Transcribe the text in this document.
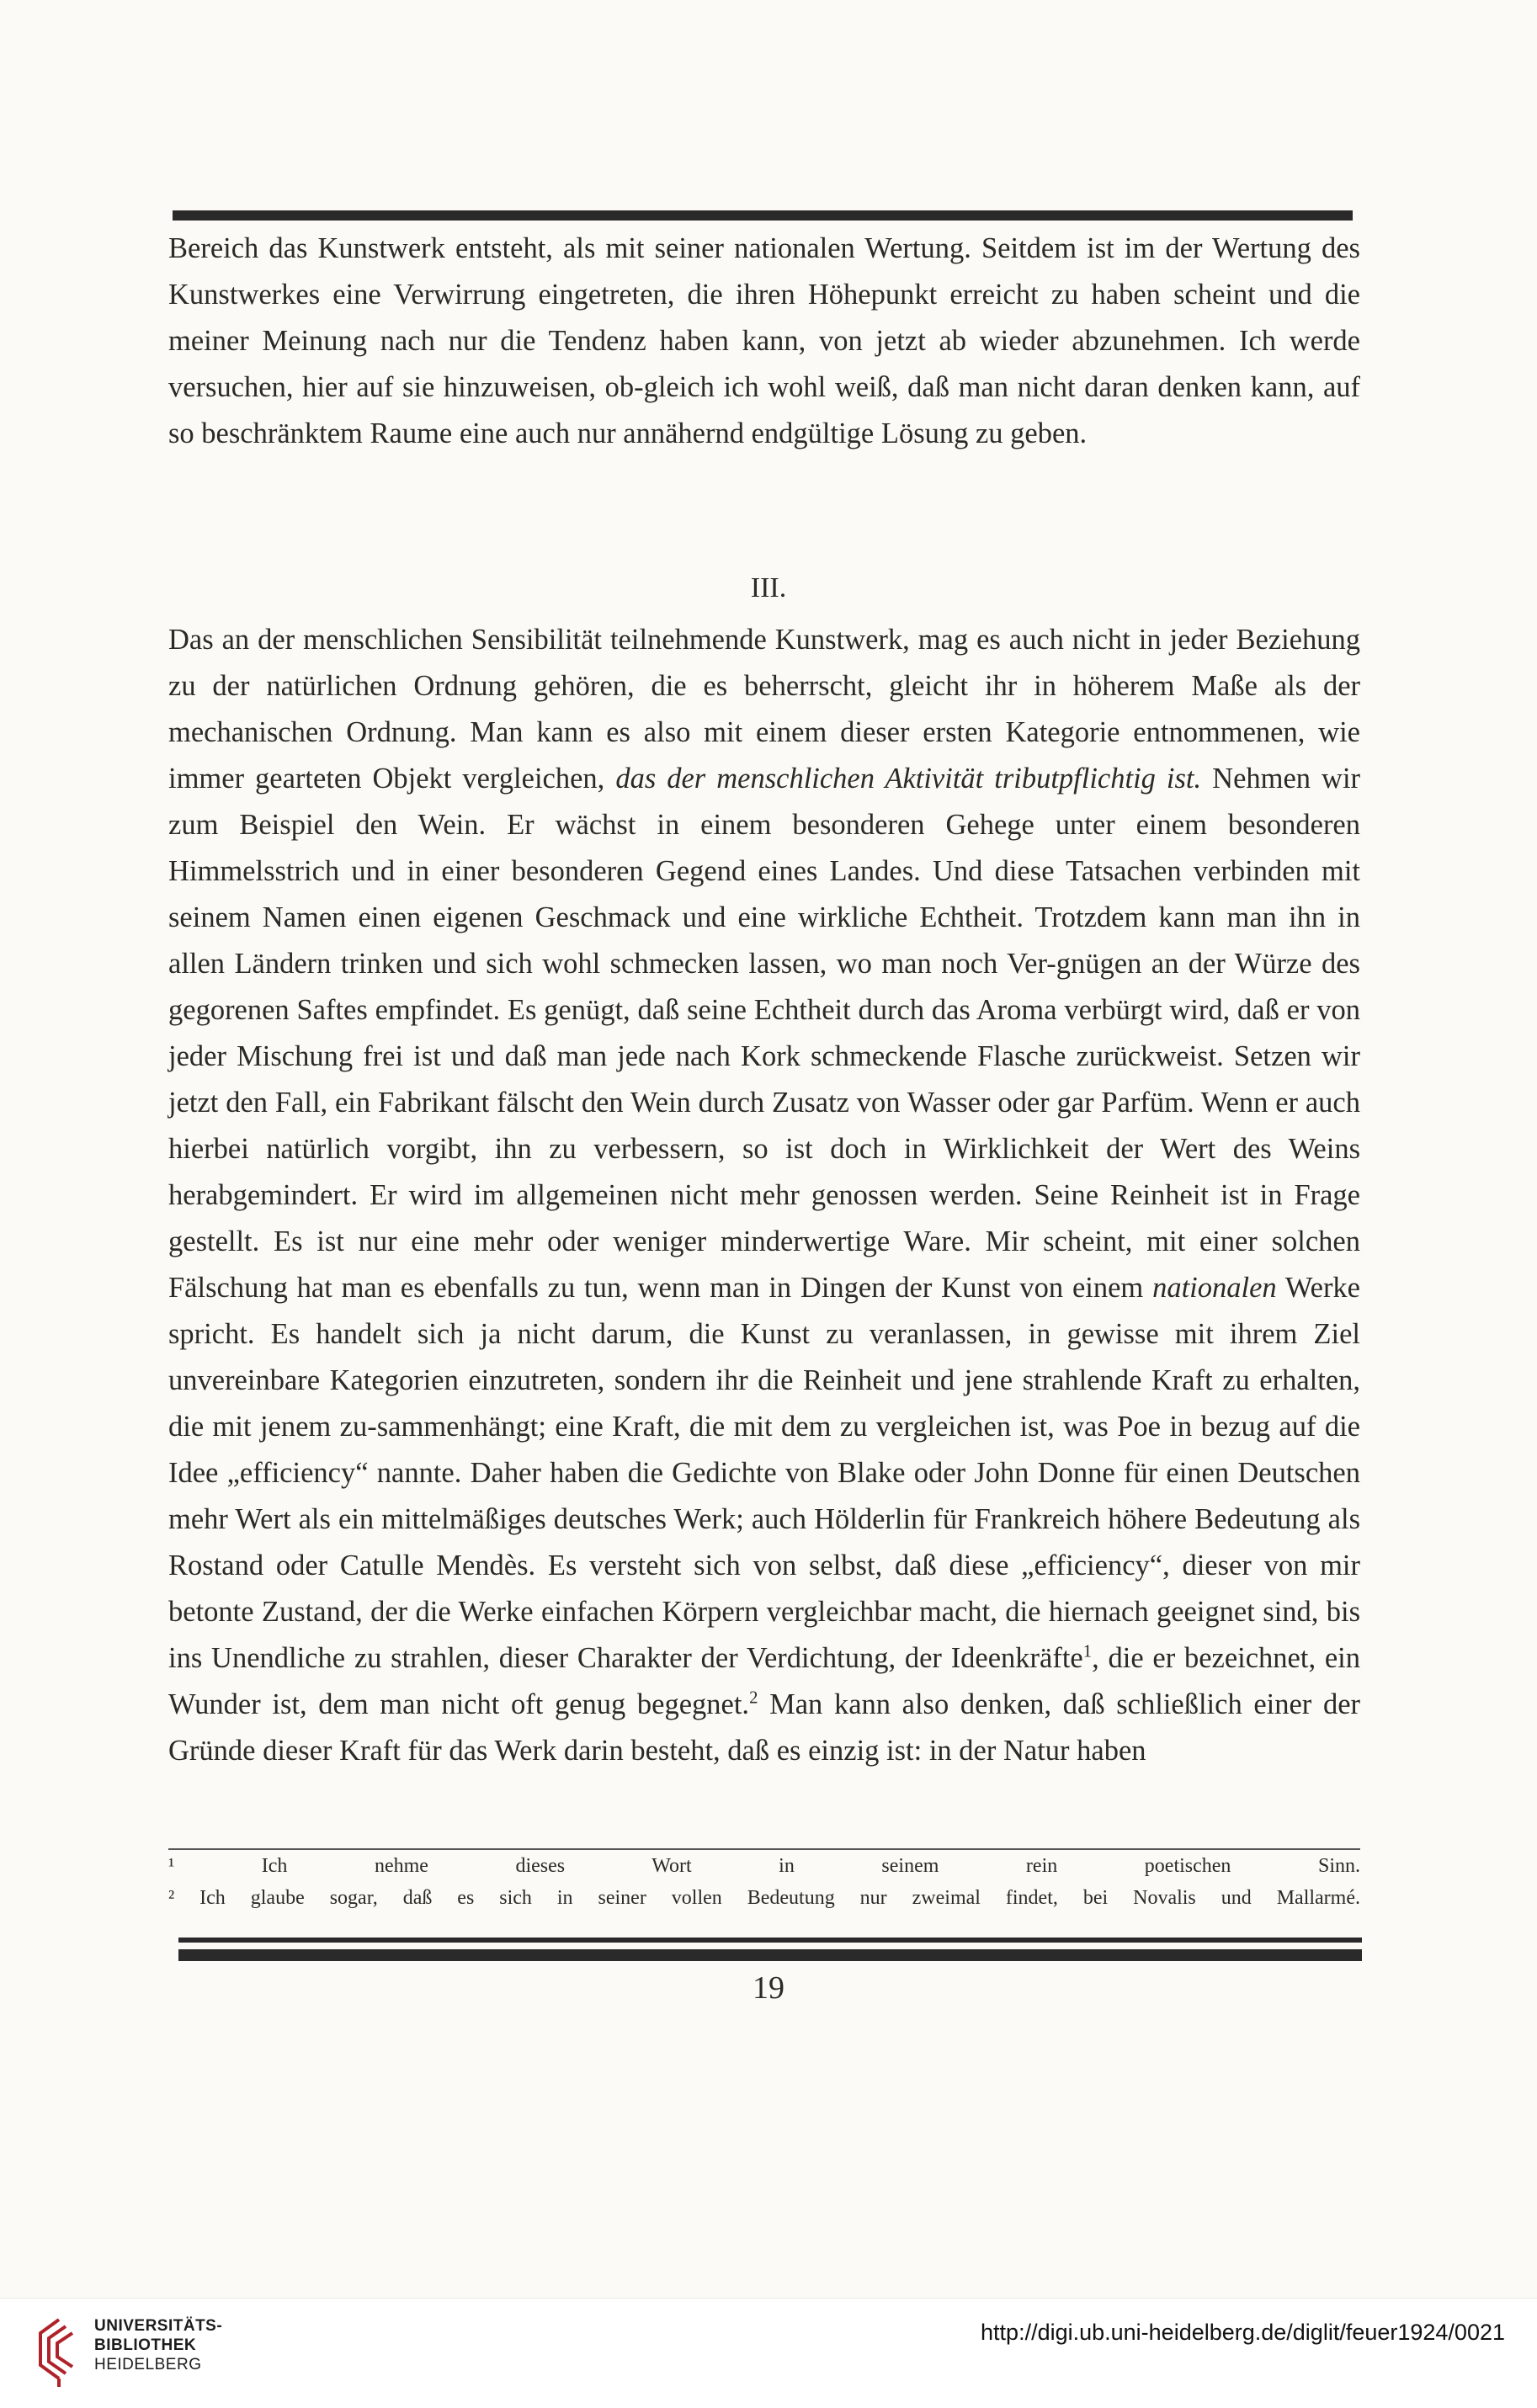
Bereich das Kunstwerk entsteht, als mit seiner nationalen Wertung. Seitdem ist im der Wertung des Kunstwerkes eine Verwirrung eingetreten, die ihren Höhepunkt erreicht zu haben scheint und die meiner Meinung nach nur die Tendenz haben kann, von jetzt ab wieder abzunehmen. Ich werde versuchen, hier auf sie hinzuweisen, ob-gleich ich wohl weiß, daß man nicht daran denken kann, auf so beschränktem Raume eine auch nur annähernd endgültige Lösung zu geben.

III.

Das an der menschlichen Sensibilität teilnehmende Kunstwerk, mag es auch nicht in jeder Beziehung zu der natürlichen Ordnung gehören, die es beherrscht, gleicht ihr in höherem Maße als der mechanischen Ordnung. Man kann es also mit einem dieser ersten Kategorie entnommenen, wie immer gearteten Objekt vergleichen, das der menschlichen Aktivität tributpflichtig ist. Nehmen wir zum Beispiel den Wein. Er wächst in einem besonderen Gehege unter einem besonderen Himmelsstrich und in einer besonderen Gegend eines Landes. Und diese Tatsachen verbinden mit seinem Namen einen eigenen Geschmack und eine wirkliche Echtheit. Trotzdem kann man ihn in allen Ländern trinken und sich wohl schmecken lassen, wo man noch Ver-gnügen an der Würze des gegorenen Saftes empfindet. Es genügt, daß seine Echtheit durch das Aroma verbürgt wird, daß er von jeder Mischung frei ist und daß man jede nach Kork schmeckende Flasche zurückweist. Setzen wir jetzt den Fall, ein Fabrikant fälscht den Wein durch Zusatz von Wasser oder gar Parfüm. Wenn er auch hierbei natürlich vorgibt, ihn zu verbessern, so ist doch in Wirklichkeit der Wert des Weins herabgemindert. Er wird im allgemeinen nicht mehr genossen werden. Seine Reinheit ist in Frage gestellt. Es ist nur eine mehr oder weniger minderwertige Ware. Mir scheint, mit einer solchen Fälschung hat man es ebenfalls zu tun, wenn man in Dingen der Kunst von einem nationalen Werke spricht. Es handelt sich ja nicht darum, die Kunst zu veranlassen, in gewisse mit ihrem Ziel unvereinbare Kategorien einzutreten, sondern ihr die Reinheit und jene strahlende Kraft zu erhalten, die mit jenem zu-sammenhängt; eine Kraft, die mit dem zu vergleichen ist, was Poe in bezug auf die Idee „efficiency“ nannte. Daher haben die Gedichte von Blake oder John Donne für einen Deutschen mehr Wert als ein mittelmäßiges deutsches Werk; auch Hölderlin für Frankreich höhere Bedeutung als Rostand oder Catulle Mendès. Es versteht sich von selbst, daß diese „efficiency“, dieser von mir betonte Zustand, der die Werke einfachen Körpern vergleichbar macht, die hiernach geeignet sind, bis ins Unendliche zu strahlen, dieser Charakter der Verdichtung, der Ideenkräfte$^1$, die er bezeichnet, ein Wunder ist, dem man nicht oft genug begegnet.$^2$ Man kann also denken, daß schließlich einer der Gründe dieser Kraft für das Werk darin besteht, daß es einzig ist: in der Natur haben

¹ Ich nehme dieses Wort in seinem rein poetischen Sinn.

² Ich glaube sogar, daß es sich in seiner vollen Bedeutung nur zweimal findet, bei Novalis und Mallarmé.

19
UNIVERSITÄTS-
BIBLIOTHEK
HEIDELBERG
http://digi.ub.uni-heidelberg.de/diglit/feuer1924/0021
